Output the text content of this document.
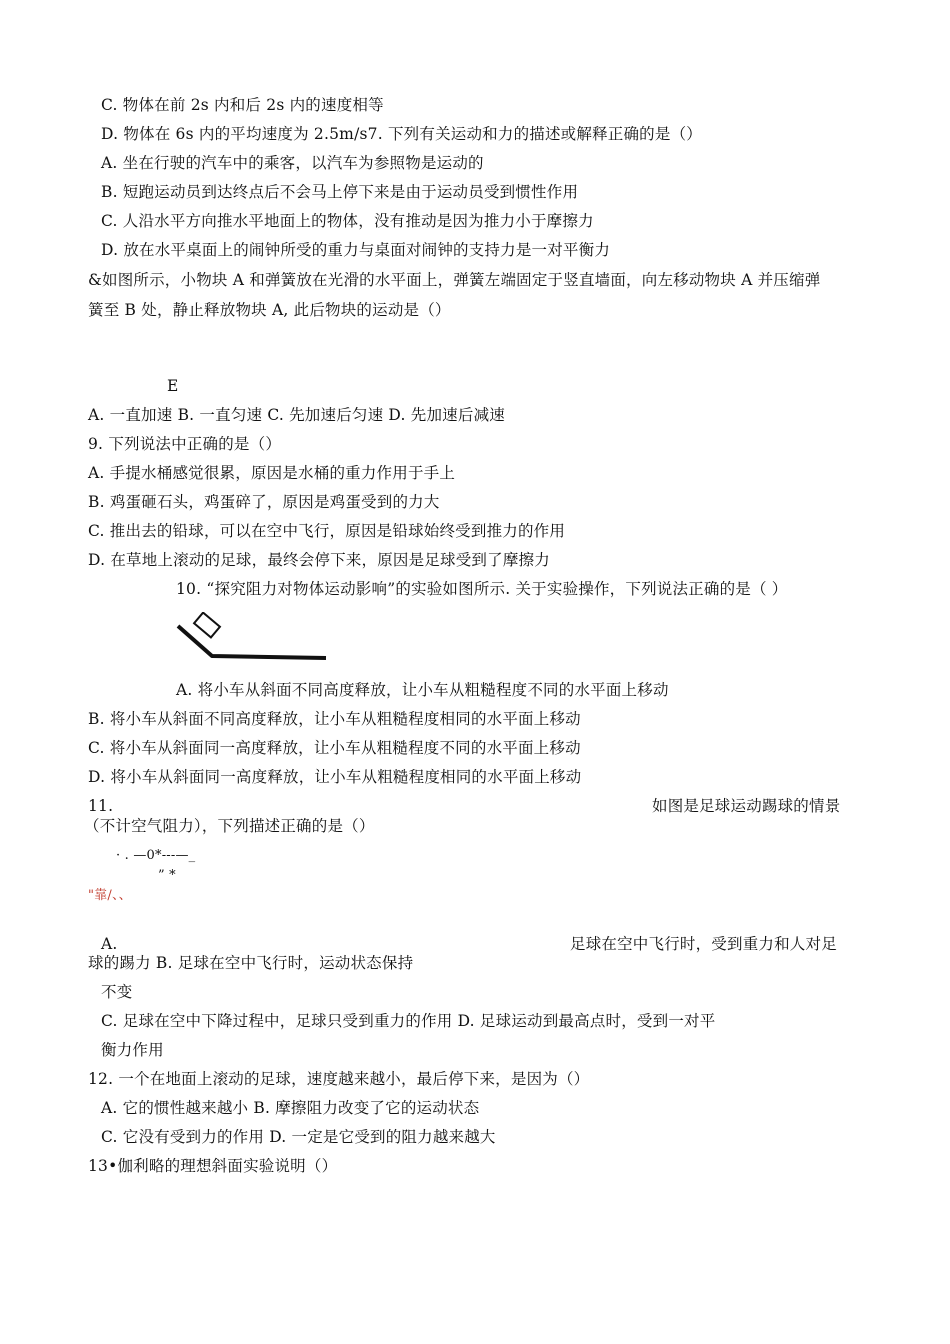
C. 物体在前 2s 内和后 2s 内的速度相等
D. 物体在 6s 内的平均速度为 2.5m/s7. 下列有关运动和力的描述或解释正确的是（）
A. 坐在行驶的汽车中的乘客，以汽车为参照物是运动的
B. 短跑运动员到达终点后不会马上停下来是由于运动员受到惯性作用
C. 人沿水平方向推水平地面上的物体，没有推动是因为推力小于摩擦力
D. 放在水平桌面上的闹钟所受的重力与桌面对闹钟的支持力是一对平衡力
&如图所示，小物块 A 和弹簧放在光滑的水平面上，弹簧左端固定于竖直墙面，向左移动物块 A 并压缩弹
簧至 B 处，静止释放物块 A, 此后物块的运动是（）
E
A. 一直加速 B. 一直匀速 C. 先加速后匀速 D. 先加速后减速
9. 下列说法中正确的是（）
A. 手提水桶感觉很累，原因是水桶的重力作用于手上
B. 鸡蛋砸石头，鸡蛋碎了，原因是鸡蛋受到的力大
C. 推出去的铅球，可以在空中飞行，原因是铅球始终受到推力的作用
D. 在草地上滚动的足球，最终会停下来，原因是足球受到了摩擦力
10. “探究阻力对物体运动影响”的实验如图所示. 关于实验操作，下列说法正确的是（ ）
A. 将小车从斜面不同高度释放，让小车从粗糙程度不同的水平面上移动
B. 将小车从斜面不同高度释放，让小车从粗糙程度相同的水平面上移动
C. 将小车从斜面同一高度释放，让小车从粗糙程度不同的水平面上移动
D. 将小车从斜面同一高度释放，让小车从粗糙程度相同的水平面上移动
11.	如图是足球运动踢球的情景
（不计空气阻力），下列描述正确的是（）
· . —0*---—_
” *
"靠/、、
A.	足球在空中飞行时，受到重力和人对足
球的踢力 B. 足球在空中飞行时，运动状态保持
不变
C. 足球在空中下降过程中，足球只受到重力的作用 D. 足球运动到最高点时，受到一对平
衡力作用
12. 一个在地面上滚动的足球，速度越来越小，最后停下来，是因为（）
A. 它的惯性越来越小 B. 摩擦阻力改变了它的运动状态
C. 它没有受到力的作用 D. 一定是它受到的阻力越来越大
13•伽利略的理想斜面实验说明（）
